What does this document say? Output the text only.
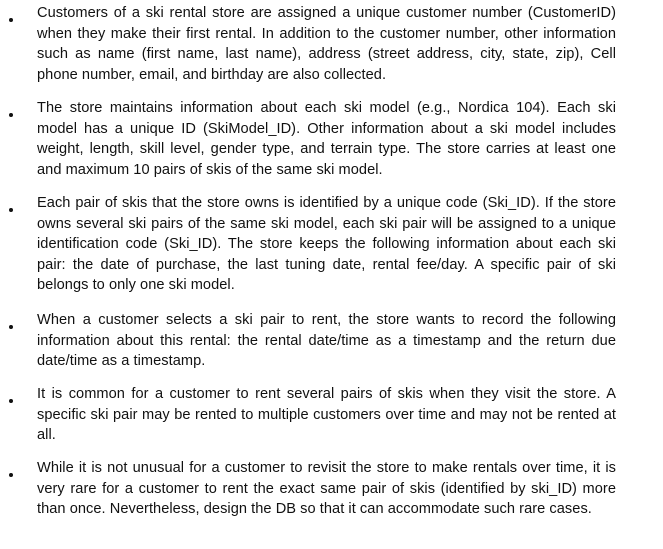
Customers of a ski rental store are assigned a unique customer number (CustomerID) when they make their first rental. In addition to the customer number, other information such as name (first name, last name), address (street address, city, state, zip), Cell phone number, email, and birthday are also collected.

The store maintains information about each ski model (e.g., Nordica 104). Each ski model has a unique ID (SkiModel_ID). Other information about a ski model includes weight, length, skill level, gender type, and terrain type. The store carries at least one and maximum 10 pairs of skis of the same ski model.

Each pair of skis that the store owns is identified by a unique code (Ski_ID). If the store owns several ski pairs of the same ski model, each ski pair will be assigned to a unique identification code (Ski_ID). The store keeps the following information about each ski pair: the date of purchase, the last tuning date, rental fee/day. A specific pair of ski belongs to only one ski model.

When a customer selects a ski pair to rent, the store wants to record the following information about this rental: the rental date/time as a timestamp and the return due date/time as a timestamp.

It is common for a customer to rent several pairs of skis when they visit the store. A specific ski pair may be rented to multiple customers over time and may not be rented at all.

While it is not unusual for a customer to revisit the store to make rentals over time, it is very rare for a customer to rent the exact same pair of skis (identified by ski_ID) more than once. Nevertheless, design the DB so that it can accommodate such rare cases.
